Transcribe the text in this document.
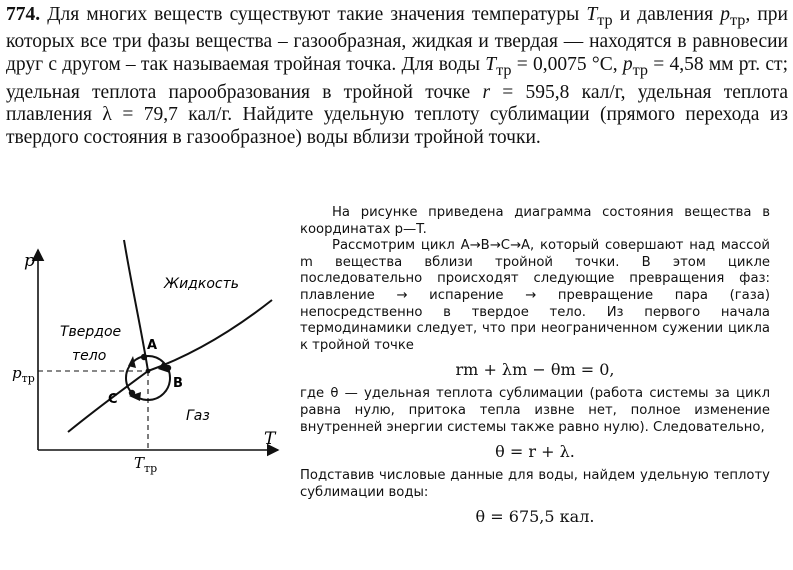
774. Для многих веществ существуют такие значения температуры $T_{тр}$ и давления $p_{тр}$, при которых все три фазы вещества – газообразная, жидкая и твердая — находятся в равновесии друг с другом – так называемая тройная точка. Для воды $T_{тр} = 0,0075$ °С, $p_{тр} = 4,58$ мм рт. ст; удельная теплота парообразования в тройной точке r = 595,8 кал/г, удельная теплота плавления λ = 79,7 кал/г. Найдите удельную теплоту сублимации (прямого перехода из твердого состояния в газообразное) воды вблизи тройной точки.
p
T
$p_{тр}$
$T_{тр}$
Жидкость
Твердое
тело
Газ
A
B
C

На рисунке приведена диаграмма состояния вещества в координатах p—T.

Рассмотрим цикл A→B→C→A, который совершают над массой m вещества вблизи тройной точки. В этом цикле последовательно происходят следующие превращения фаз: плавление → испарение → превращение пара (газа) непосредственно в твердое тело. Из первого начала термодинамики следует, что при неограниченном сужении цикла к тройной точке

rm + λm − θm = 0,

где θ — удельная теплота сублимации (работа системы за цикл равна нулю, притока тепла извне нет, полное изменение внутренней энергии системы также равно нулю). Следовательно,

θ = r + λ.

Подставив числовые данные для воды, найдем удельную теплоту сублимации воды:

θ = 675,5 кал.
